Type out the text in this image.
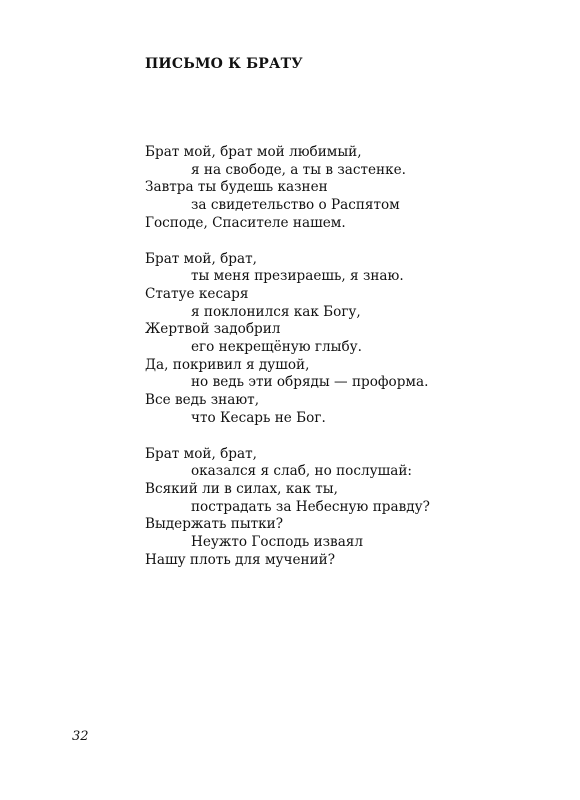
ПИСЬМО К БРАТУ

Брат мой, брат мой любимый,
я на свободе, а ты в застенке.
Завтра ты будешь казнен
за свидетельство о Распятом
Господе, Спасителе нашем.

Брат мой, брат,
ты меня презираешь, я знаю.
Статуе кесаря
я поклонился как Богу,
Жертвой задобрил
его некрещёную глыбу.
Да, покривил я душой,
но ведь эти обряды — проформа.
Все ведь знают,
что Кесарь не Бог.

Брат мой, брат,
оказался я слаб, но послушай:
Всякий ли в силах, как ты,
пострадать за Небесную правду?
Выдержать пытки?
Неужто Господь изваял
Нашу плоть для мучений?

32
